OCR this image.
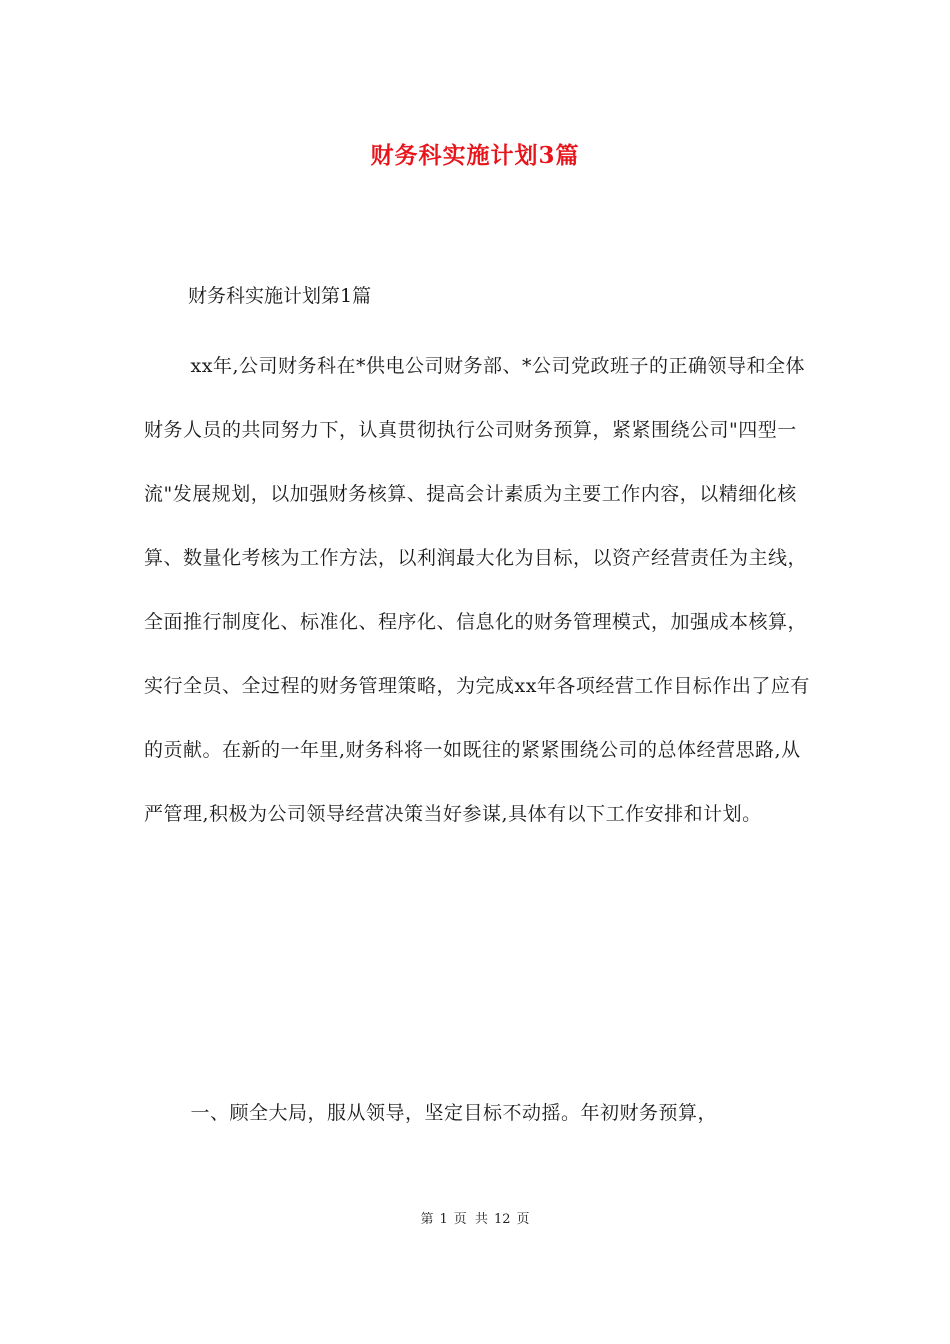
财务科实施计划3篇
财务科实施计划第1篇

xx年,公司财务科在*供电公司财务部、*公司党政班子的正确领导和全体财务人员的共同努力下，认真贯彻执行公司财务预算，紧紧围绕公司"四型一流"发展规划，以加强财务核算、提高会计素质为主要工作内容，以精细化核算、数量化考核为工作方法，以利润最大化为目标，以资产经营责任为主线，全面推行制度化、标准化、程序化、信息化的财务管理模式，加强成本核算，实行全员、全过程的财务管理策略，为完成xx年各项经营工作目标作出了应有的贡献。在新的一年里,财务科将一如既往的紧紧围绕公司的总体经营思路,从严管理,积极为公司领导经营决策当好参谋,具体有以下工作安排和计划。

一、顾全大局，服从领导，坚定目标不动摇。年初财务预算，

第 1 页 共 12 页
